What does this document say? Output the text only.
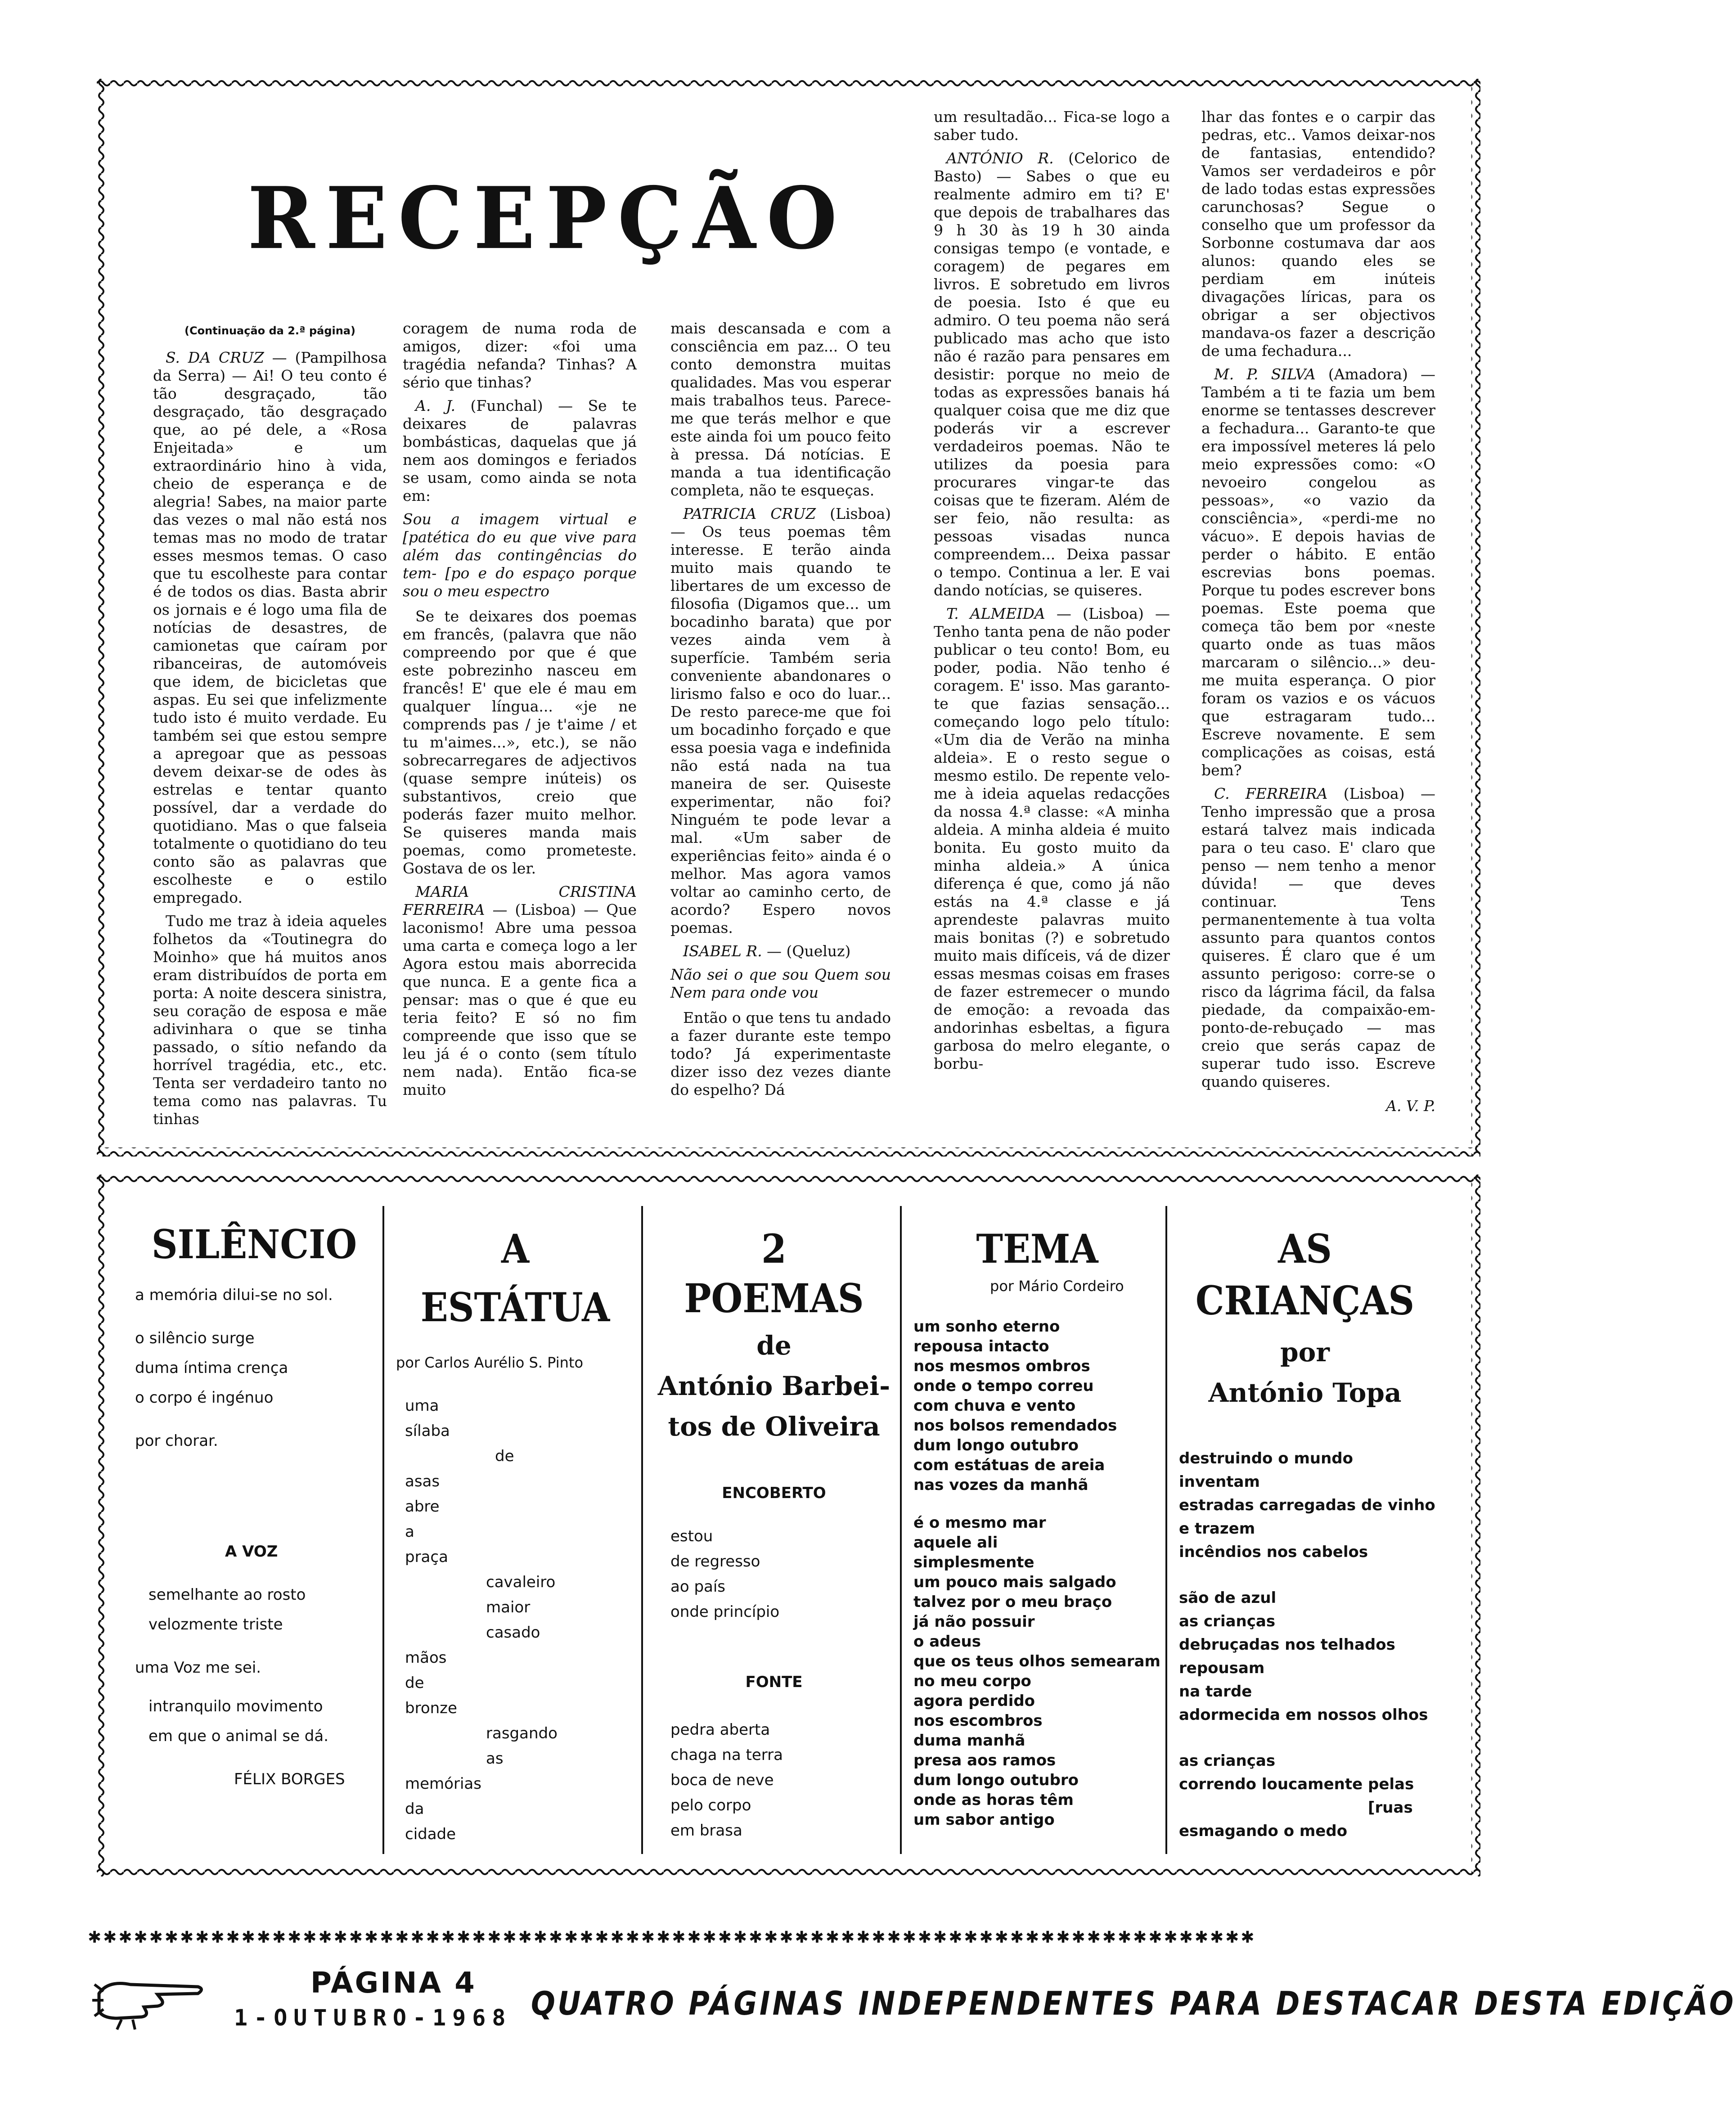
RECEPÇÃO

(Continuação da 2.ª página)

S. DA CRUZ — (Pampilhosa da Serra) — Ai! O teu conto é tão desgraçado, tão desgraçado, tão desgraçado que, ao pé dele, a «Rosa Enjeitada» e um extraordinário hino à vida, cheio de esperança e de alegria! Sabes, na maior parte das vezes o mal não está nos temas mas no modo de tratar esses mesmos temas. O caso que tu escolheste para contar é de todos os dias. Basta abrir os jornais e é logo uma fila de notícias de desastres, de camionetas que caíram por ribanceiras, de automóveis que idem, de bicicletas que aspas. Eu sei que infelizmente tudo isto é muito verdade. Eu também sei que estou sempre a apregoar que as pessoas devem deixar-se de odes às estrelas e tentar quanto possível, dar a verdade do quotidiano. Mas o que falseia totalmente o quotidiano do teu conto são as palavras que escolheste e o estilo empregado.

Tudo me traz à ideia aqueles folhetos da «Toutinegra do Moinho» que há muitos anos eram distribuídos de porta em porta: A noite descera sinistra, seu coração de esposa e mãe adivinhara o que se tinha passado, o sítio nefando da horrível tragédia, etc., etc. Tenta ser verdadeiro tanto no tema como nas palavras. Tu tinhas

coragem de numa roda de amigos, dizer: «foi uma tragédia nefanda? Tinhas? A sério que tinhas?

A. J. (Funchal) — Se te deixares de palavras bombásticas, daquelas que já nem aos domingos e feriados se usam, como ainda se nota em:

Sou a imagem virtual e [patética do eu que vive para além das contingências do tem- [po e do espaço porque sou o meu espectro

Se te deixares dos poemas em francês, (palavra que não compreendo por que é que este pobrezinho nasceu em francês! E' que ele é mau em qualquer língua... «je ne comprends pas / je t'aime / et tu m'aimes...», etc.), se não sobrecarregares de adjectivos (quase sempre inúteis) os substantivos, creio que poderás fazer muito melhor. Se quiseres manda mais poemas, como prometeste. Gostava de os ler.

MARIA CRISTINA FERREIRA — (Lisboa) — Que laconismo! Abre uma pessoa uma carta e começa logo a ler Agora estou mais aborrecida que nunca. E a gente fica a pensar: mas o que é que eu teria feito? E só no fim compreende que isso que se leu já é o conto (sem título nem nada). Então fica-se muito

mais descansada e com a consciência em paz... O teu conto demonstra muitas qualidades. Mas vou esperar mais trabalhos teus. Parece-me que terás melhor e que este ainda foi um pouco feito à pressa. Dá notícias. E manda a tua identificação completa, não te esqueças.

PATRICIA CRUZ (Lisboa) — Os teus poemas têm interesse. E terão ainda muito mais quando te libertares de um excesso de filosofia (Digamos que... um bocadinho barata) que por vezes ainda vem à superfície. Também seria conveniente abandonares o lirismo falso e oco do luar... De resto parece-me que foi um bocadinho forçado e que essa poesia vaga e indefinida não está nada na tua maneira de ser. Quiseste experimentar, não foi? Ninguém te pode levar a mal. «Um saber de experiências feito» ainda é o melhor. Mas agora vamos voltar ao caminho certo, de acordo? Espero novos poemas.

ISABEL R. — (Queluz)

Não sei o que sou Quem sou Nem para onde vou

Então o que tens tu andado a fazer durante este tempo todo? Já experimentaste dizer isso dez vezes diante do espelho? Dá

um resultadão... Fica-se logo a saber tudo.

ANTÓNIO R. (Celorico de Basto) — Sabes o que eu realmente admiro em ti? E' que depois de trabalhares das 9 h 30 às 19 h 30 ainda consigas tempo (e vontade, e coragem) de pegares em livros. E sobretudo em livros de poesia. Isto é que eu admiro. O teu poema não será publicado mas acho que isto não é razão para pensares em desistir: porque no meio de todas as expressões banais há qualquer coisa que me diz que poderás vir a escrever verdadeiros poemas. Não te utilizes da poesia para procurares vingar-te das coisas que te fizeram. Além de ser feio, não resulta: as pessoas visadas nunca compreendem... Deixa passar o tempo. Continua a ler. E vai dando notícias, se quiseres.

T. ALMEIDA — (Lisboa) — Tenho tanta pena de não poder publicar o teu conto! Bom, eu poder, podia. Não tenho é coragem. E' isso. Mas garanto-te que fazias sensação... começando logo pelo título: «Um dia de Verão na minha aldeia». E o resto segue o mesmo estilo. De repente velo-me à ideia aquelas redacções da nossa 4.ª classe: «A minha aldeia. A minha aldeia é muito bonita. Eu gosto muito da minha aldeia.» A única diferença é que, como já não estás na 4.ª classe e já aprendeste palavras muito mais bonitas (?) e sobretudo muito mais difíceis, vá de dizer essas mesmas coisas em frases de fazer estremecer o mundo de emoção: a revoada das andorinhas esbeltas, a figura garbosa do melro elegante, o borbu-

lhar das fontes e o carpir das pedras, etc.. Vamos deixar-nos de fantasias, entendido? Vamos ser verdadeiros e pôr de lado todas estas expressões carunchosas? Segue o conselho que um professor da Sorbonne costumava dar aos alunos: quando eles se perdiam em inúteis divagações líricas, para os obrigar a ser objectivos mandava-os fazer a descrição de uma fechadura...

M. P. SILVA (Amadora) — Também a ti te fazia um bem enorme se tentasses descrever a fechadura... Garanto-te que era impossível meteres lá pelo meio expressões como: «O nevoeiro congelou as pessoas», «o vazio da consciência», «perdi-me no vácuo». E depois havias de perder o hábito. E então escrevias bons poemas. Porque tu podes escrever bons poemas. Este poema que começa tão bem por «neste quarto onde as tuas mãos marcaram o silêncio...» deu-me muita esperança. O pior foram os vazios e os vácuos que estragaram tudo... Escreve novamente. E sem complicações as coisas, está bem?

C. FERREIRA (Lisboa) — Tenho impressão que a prosa estará talvez mais indicada para o teu caso. E' claro que penso — nem tenho a menor dúvida! — que deves continuar. Tens permanentemente à tua volta assunto para quantos contos quiseres. É claro que é um assunto perigoso: corre-se o risco da lágrima fácil, da falsa piedade, da compaixão-em-ponto-de-rebuçado — mas creio que serás capaz de superar tudo isso. Escreve quando quiseres.

A. V. P.

SILÊNCIO
a memória dilui-se no sol.
o silêncio surge
duma íntima crença
o corpo é ingénuo
por chorar.
A VOZ
semelhante ao rosto
velozmente triste
uma Voz me sei.
intranquilo movimento
em que o animal se dá.
FÉLIX BORGES
A
ESTÁTUA
por Carlos Aurélio S. Pinto
uma
sílaba
de
asas
abre
a
praça
cavaleiro
maior
casado
mãos
de
bronze
rasgando
as
memórias
da
cidade
2
POEMAS
de
António Barbei-
tos de Oliveira
ENCOBERTO
estou
de regresso
ao país
onde princípio
FONTE
pedra aberta
chaga na terra
boca de neve
pelo corpo
em brasa
TEMA
por Mário Cordeiro
um sonho eterno
repousa intacto
nos mesmos ombros
onde o tempo correu
com chuva e vento
nos bolsos remendados
dum longo outubro
com estátuas de areia
nas vozes da manhã
é o mesmo mar
aquele ali
simplesmente
um pouco mais salgado
talvez por o meu braço
já não possuir
o adeus
que os teus olhos semearam
no meu corpo
agora perdido
nos escombros
duma manhã
presa aos ramos
dum longo outubro
onde as horas têm
um sabor antigo
AS
CRIANÇAS
por
António Topa
destruindo o mundo
inventam
estradas carregadas de vinho
e trazem
incêndios nos cabelos
são de azul
as crianças
debruçadas nos telhados
repousam
na tarde
adormecida em nossos olhos
as crianças
correndo loucamente pelas
[ruas
esmagando o medo
✱✱✱✱✱✱✱✱✱✱✱✱✱✱✱✱✱✱✱✱✱✱✱✱✱✱✱✱✱✱✱✱✱✱✱✱✱✱✱✱✱✱✱✱✱✱✱✱✱✱✱✱✱✱✱✱✱✱✱✱✱✱✱✱✱✱✱✱✱✱✱✱✱✱✱✱
PÁGINA 4
1-OUTUBRO-1968 QUATRO PÁGINAS INDEPENDENTES PARA DESTACAR DESTA EDIÇÃO
